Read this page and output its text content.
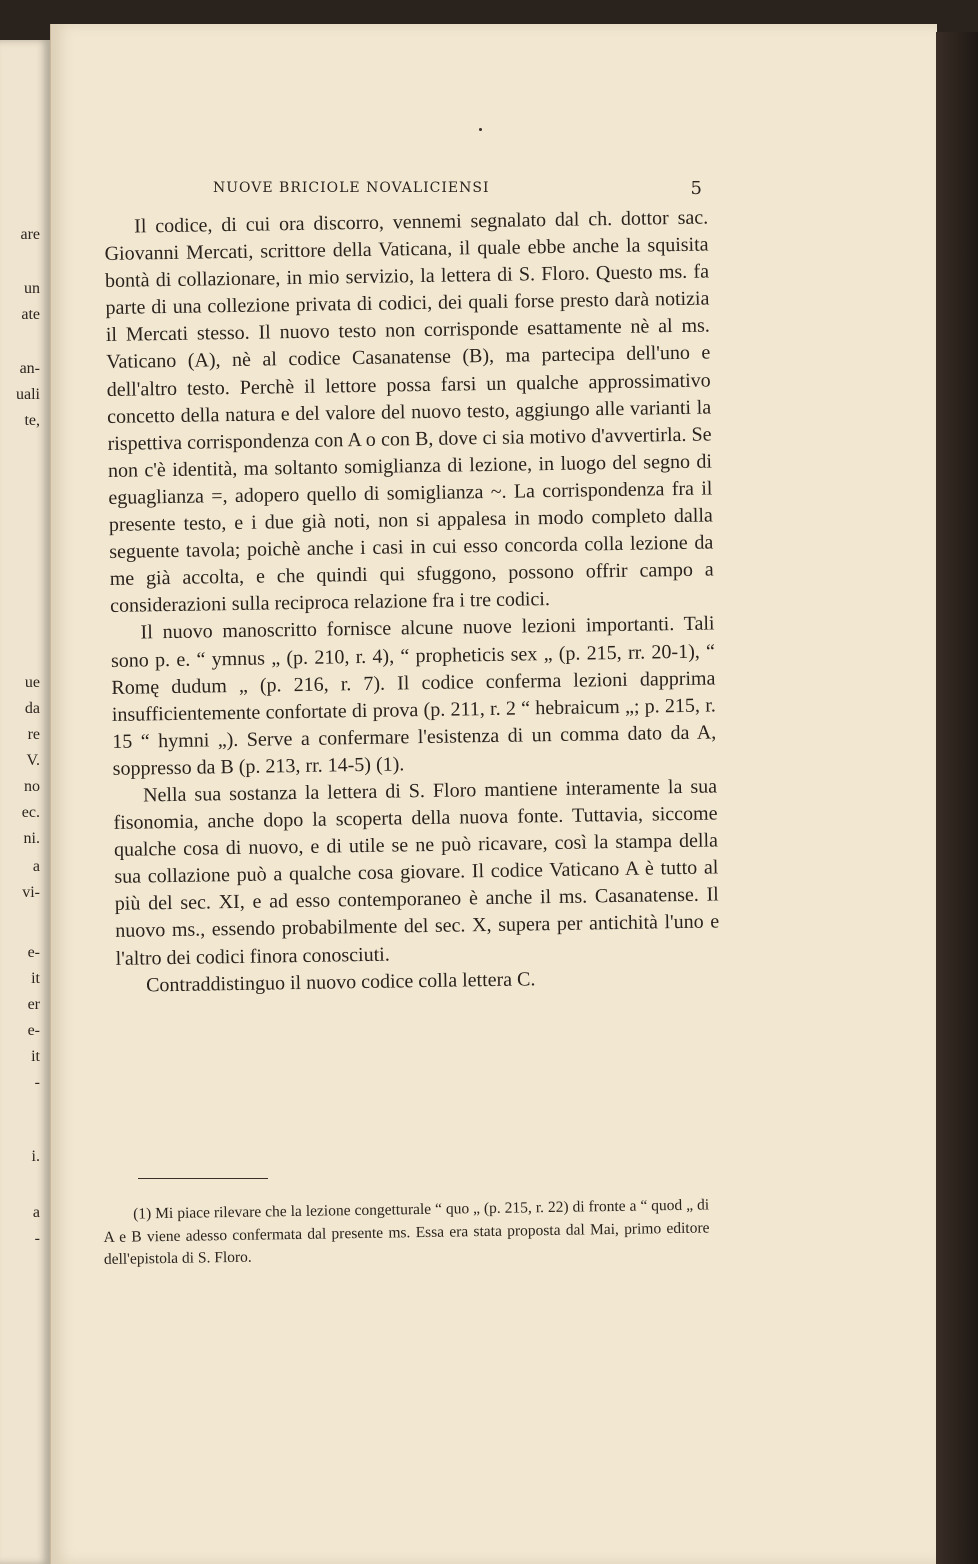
are
un
ate
an-
uali
te,
ue
da
re
V.
no
ec.
ni.
a
vi-
e-
it
er
e-
it
-
i.
a
-
NUOVE BRICIOLE NOVALICIENSI	5

Il codice, di cui ora discorro, vennemi segnalato dal ch. dottor sac. Giovanni Mercati, scrittore della Vaticana, il quale ebbe anche la squisita bontà di collazionare, in mio servizio, la lettera di S. Floro. Questo ms. fa parte di una collezione privata di codici, dei quali forse presto darà notizia il Mercati stesso. Il nuovo testo non corrisponde esattamente nè al ms. Vaticano (A), nè al codice Casanatense (B), ma partecipa dell'uno e dell'altro testo. Perchè il lettore possa farsi un qualche approssimativo concetto della natura e del valore del nuovo testo, aggiungo alle varianti la rispettiva corrispondenza con A o con B, dove ci sia motivo d'avvertirla. Se non c'è identità, ma soltanto somiglianza di lezione, in luogo del segno di eguaglianza =, adopero quello di somiglianza ~. La corrispondenza fra il presente testo, e i due già noti, non si appalesa in modo completo dalla seguente tavola; poichè anche i casi in cui esso concorda colla lezione da me già accolta, e che quindi qui sfuggono, possono offrir campo a considerazioni sulla reciproca relazione fra i tre codici.

Il nuovo manoscritto fornisce alcune nuove lezioni importanti. Tali sono p. e. “ ymnus „ (p. 210, r. 4), “ propheticis sex „ (p. 215, rr. 20-1), “ Romę dudum „ (p. 216, r. 7). Il codice conferma lezioni dapprima insufficientemente confortate di prova (p. 211, r. 2 “ hebraicum „; p. 215, r. 15 “ hymni „). Serve a confermare l'esistenza di un comma dato da A, soppresso da B (p. 213, rr. 14-5) (1).

Nella sua sostanza la lettera di S. Floro mantiene interamente la sua fisonomia, anche dopo la scoperta della nuova fonte. Tuttavia, siccome qualche cosa di nuovo, e di utile se ne può ricavare, così la stampa della sua collazione può a qualche cosa giovare. Il codice Vaticano A è tutto al più del sec. XI, e ad esso contemporaneo è anche il ms. Casanatense. Il nuovo ms., essendo probabilmente del sec. X, supera per antichità l'uno e l'altro dei codici finora conosciuti.

Contraddistinguo il nuovo codice colla lettera C.

(1) Mi piace rilevare che la lezione congetturale “ quo „ (p. 215, r. 22) di fronte a “ quod „ di A e B viene adesso confermata dal presente ms. Essa era stata proposta dal Mai, primo editore dell'epistola di S. Floro.
